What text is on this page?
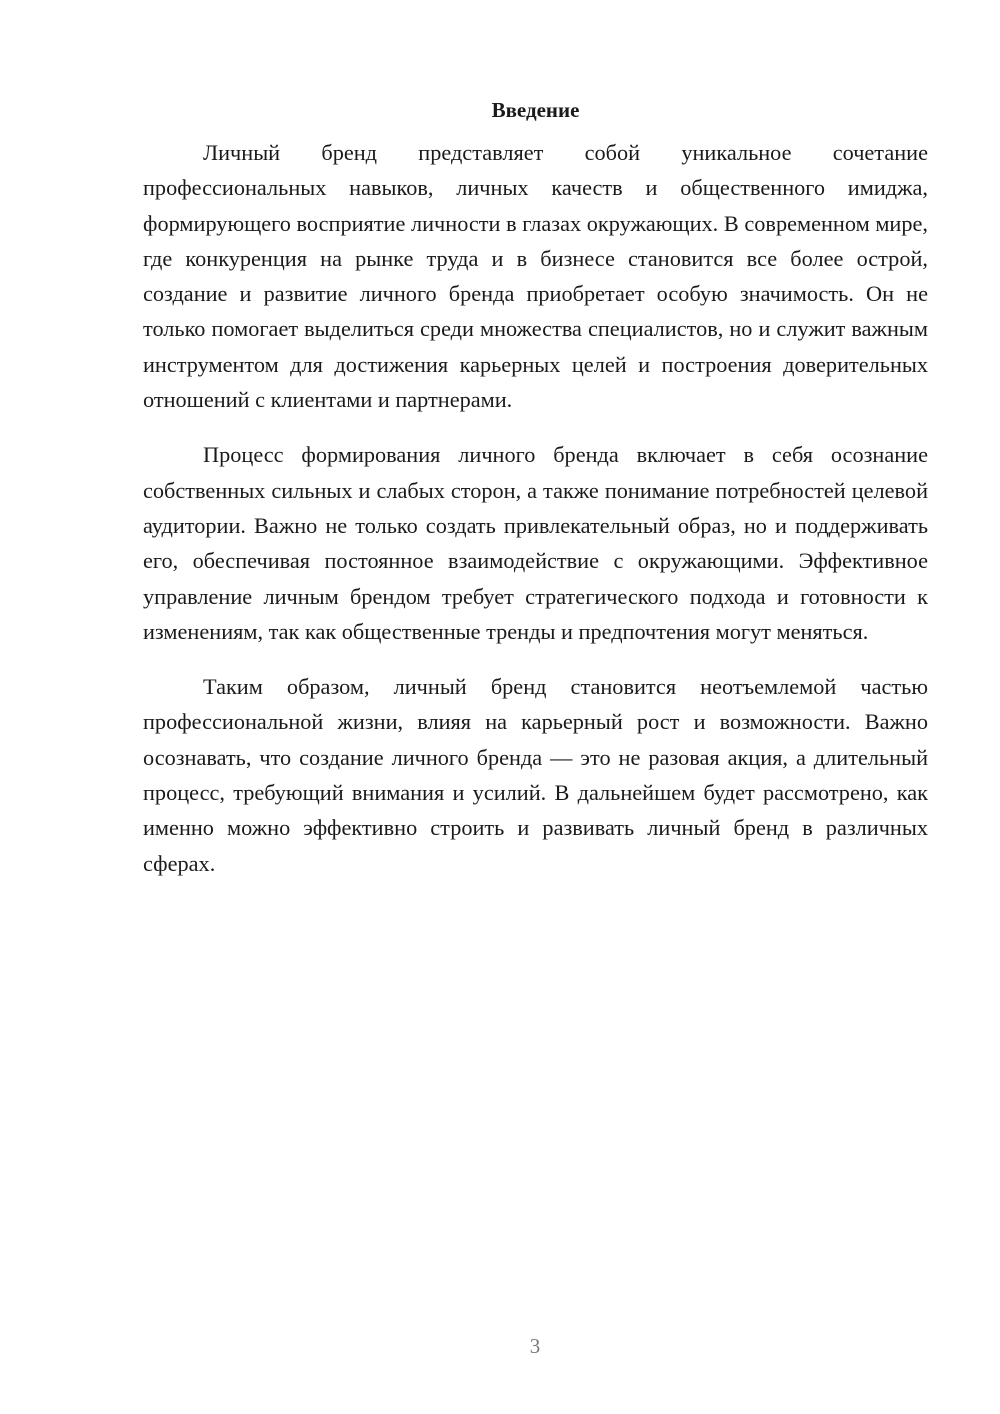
Введение

Личный бренд представляет собой уникальное сочетание профессиональных навыков, личных качеств и общественного имиджа, формирующего восприятие личности в глазах окружающих. В современном мире, где конкуренция на рынке труда и в бизнесе становится все более острой, создание и развитие личного бренда приобретает особую значимость. Он не только помогает выделиться среди множества специалистов, но и служит важным инструментом для достижения карьерных целей и построения доверительных отношений с клиентами и партнерами.

Процесс формирования личного бренда включает в себя осознание собственных сильных и слабых сторон, а также понимание потребностей целевой аудитории. Важно не только создать привлекательный образ, но и поддерживать его, обеспечивая постоянное взаимодействие с окружающими. Эффективное управление личным брендом требует стратегического подхода и готовности к изменениям, так как общественные тренды и предпочтения могут меняться.

Таким образом, личный бренд становится неотъемлемой частью профессиональной жизни, влияя на карьерный рост и возможности. Важно осознавать, что создание личного бренда — это не разовая акция, а длительный процесс, требующий внимания и усилий. В дальнейшем будет рассмотрено, как именно можно эффективно строить и развивать личный бренд в различных сферах.

3
